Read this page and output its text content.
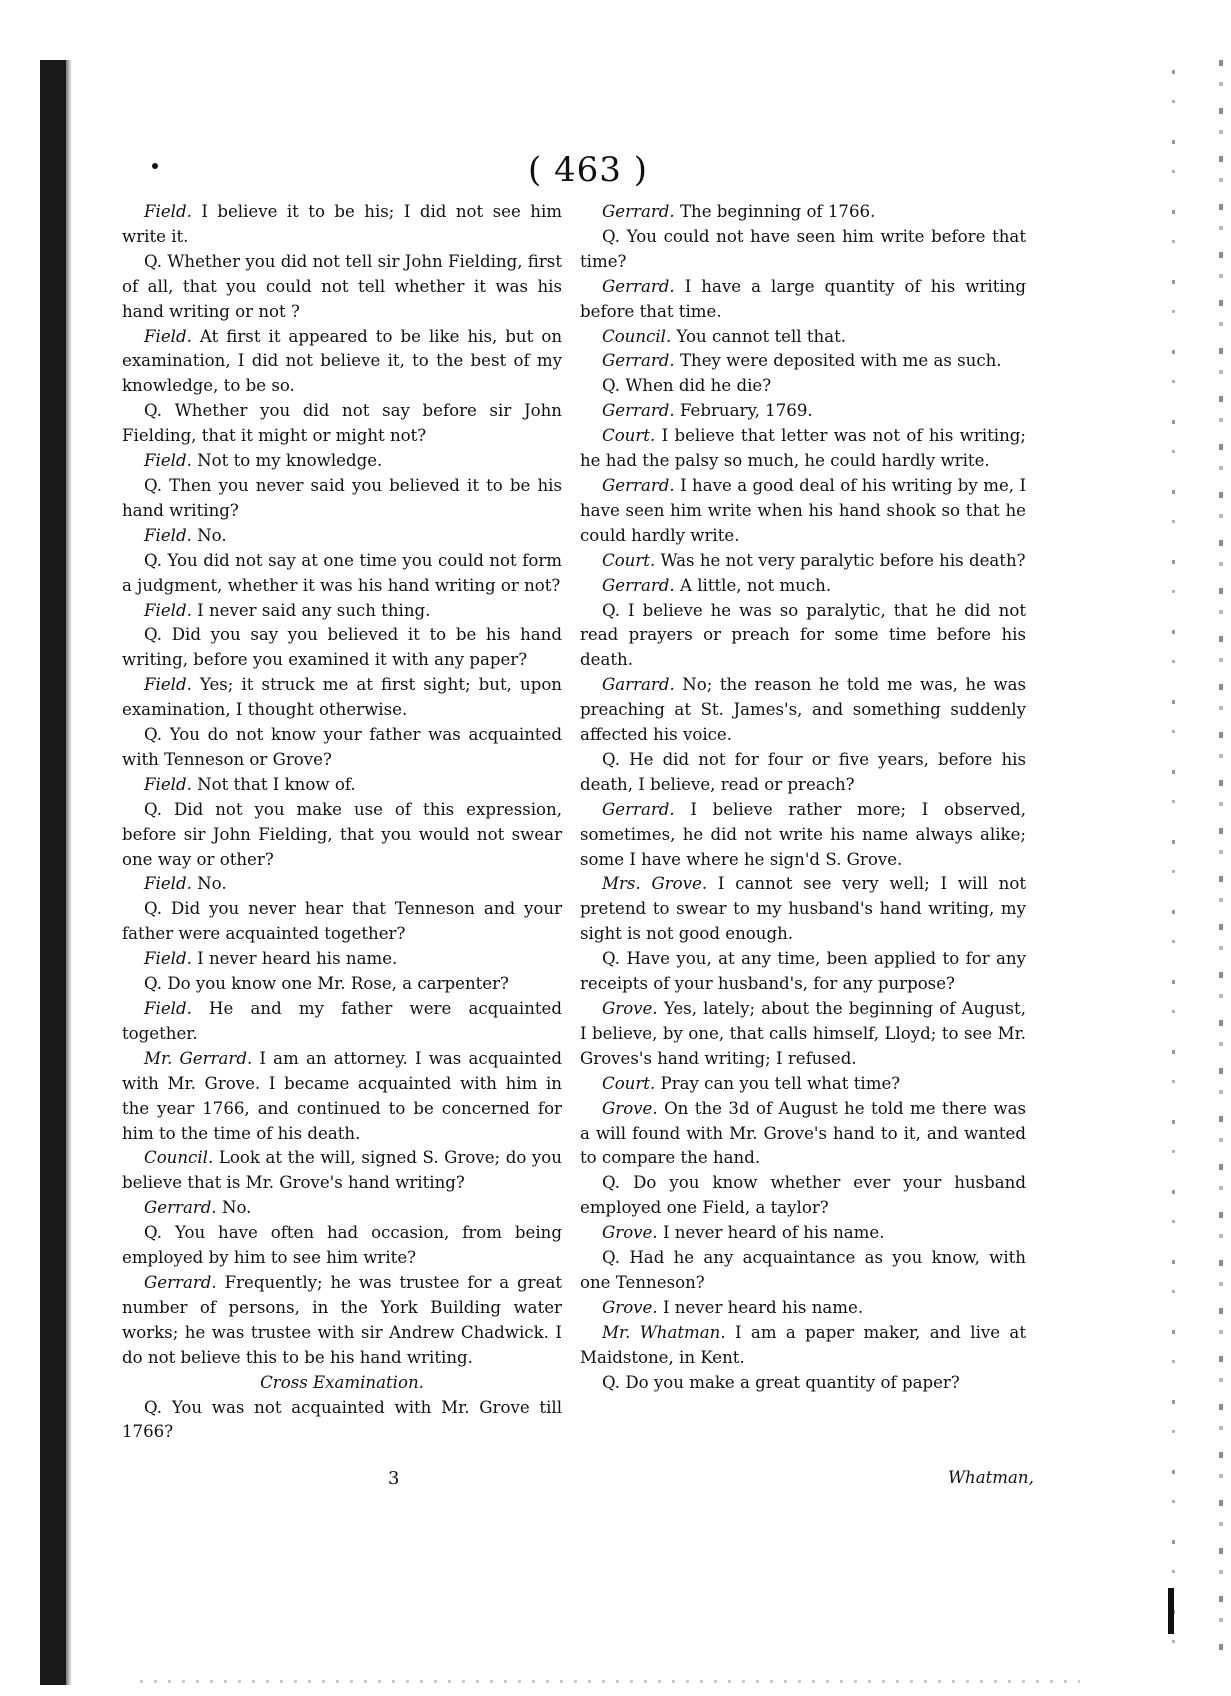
( 463 )

Field. I believe it to be his; I did not see him write it.

Q. Whether you did not tell sir John Fielding, first of all, that you could not tell whether it was his hand writing or not ?

Field. At first it appeared to be like his, but on examination, I did not believe it, to the best of my knowledge, to be so.

Q. Whether you did not say before sir John Fielding, that it might or might not?

Field. Not to my knowledge.

Q. Then you never said you believed it to be his hand writing?

Field. No.

Q. You did not say at one time you could not form a judgment, whether it was his hand writing or not?

Field. I never said any such thing.

Q. Did you say you believed it to be his hand writing, before you examined it with any paper?

Field. Yes; it struck me at first sight; but, upon examination, I thought otherwise.

Q. You do not know your father was acquainted with Tenneson or Grove?

Field. Not that I know of.

Q. Did not you make use of this expression, before sir John Fielding, that you would not swear one way or other?

Field. No.

Q. Did you never hear that Tenneson and your father were acquainted together?

Field. I never heard his name.

Q. Do you know one Mr. Rose, a carpenter?

Field. He and my father were acquainted together.

Mr. Gerrard. I am an attorney. I was acquainted with Mr. Grove. I became acquainted with him in the year 1766, and continued to be concerned for him to the time of his death.

Council. Look at the will, signed S. Grove; do you believe that is Mr. Grove's hand writing?

Gerrard. No.

Q. You have often had occasion, from being employed by him to see him write?

Gerrard. Frequently; he was trustee for a great number of persons, in the York Building water works; he was trustee with sir Andrew Chadwick. I do not believe this to be his hand writing.

Cross Examination.

Q. You was not acquainted with Mr. Grove till 1766?

Gerrard. The beginning of 1766.

Q. You could not have seen him write before that time?

Gerrard. I have a large quantity of his writing before that time.

Council. You cannot tell that.

Gerrard. They were deposited with me as such.

Q. When did he die?

Gerrard. February, 1769.

Court. I believe that letter was not of his writing; he had the palsy so much, he could hardly write.

Gerrard. I have a good deal of his writing by me, I have seen him write when his hand shook so that he could hardly write.

Court. Was he not very paralytic before his death?

Gerrard. A little, not much.

Q. I believe he was so paralytic, that he did not read prayers or preach for some time before his death.

Garrard. No; the reason he told me was, he was preaching at St. James's, and something suddenly affected his voice.

Q. He did not for four or five years, before his death, I believe, read or preach?

Gerrard. I believe rather more; I observed, sometimes, he did not write his name always alike; some I have where he sign'd S. Grove.

Mrs. Grove. I cannot see very well; I will not pretend to swear to my husband's hand writing, my sight is not good enough.

Q. Have you, at any time, been applied to for any receipts of your husband's, for any purpose?

Grove. Yes, lately; about the beginning of August, I believe, by one, that calls himself, Lloyd; to see Mr. Groves's hand writing; I refused.

Court. Pray can you tell what time?

Grove. On the 3d of August he told me there was a will found with Mr. Grove's hand to it, and wanted to compare the hand.

Q. Do you know whether ever your husband employed one Field, a taylor?

Grove. I never heard of his name.

Q. Had he any acquaintance as you know, with one Tenneson?

Grove. I never heard his name.

Mr. Whatman. I am a paper maker, and live at Maidstone, in Kent.

Q. Do you make a great quantity of paper?

3	Whatman,
